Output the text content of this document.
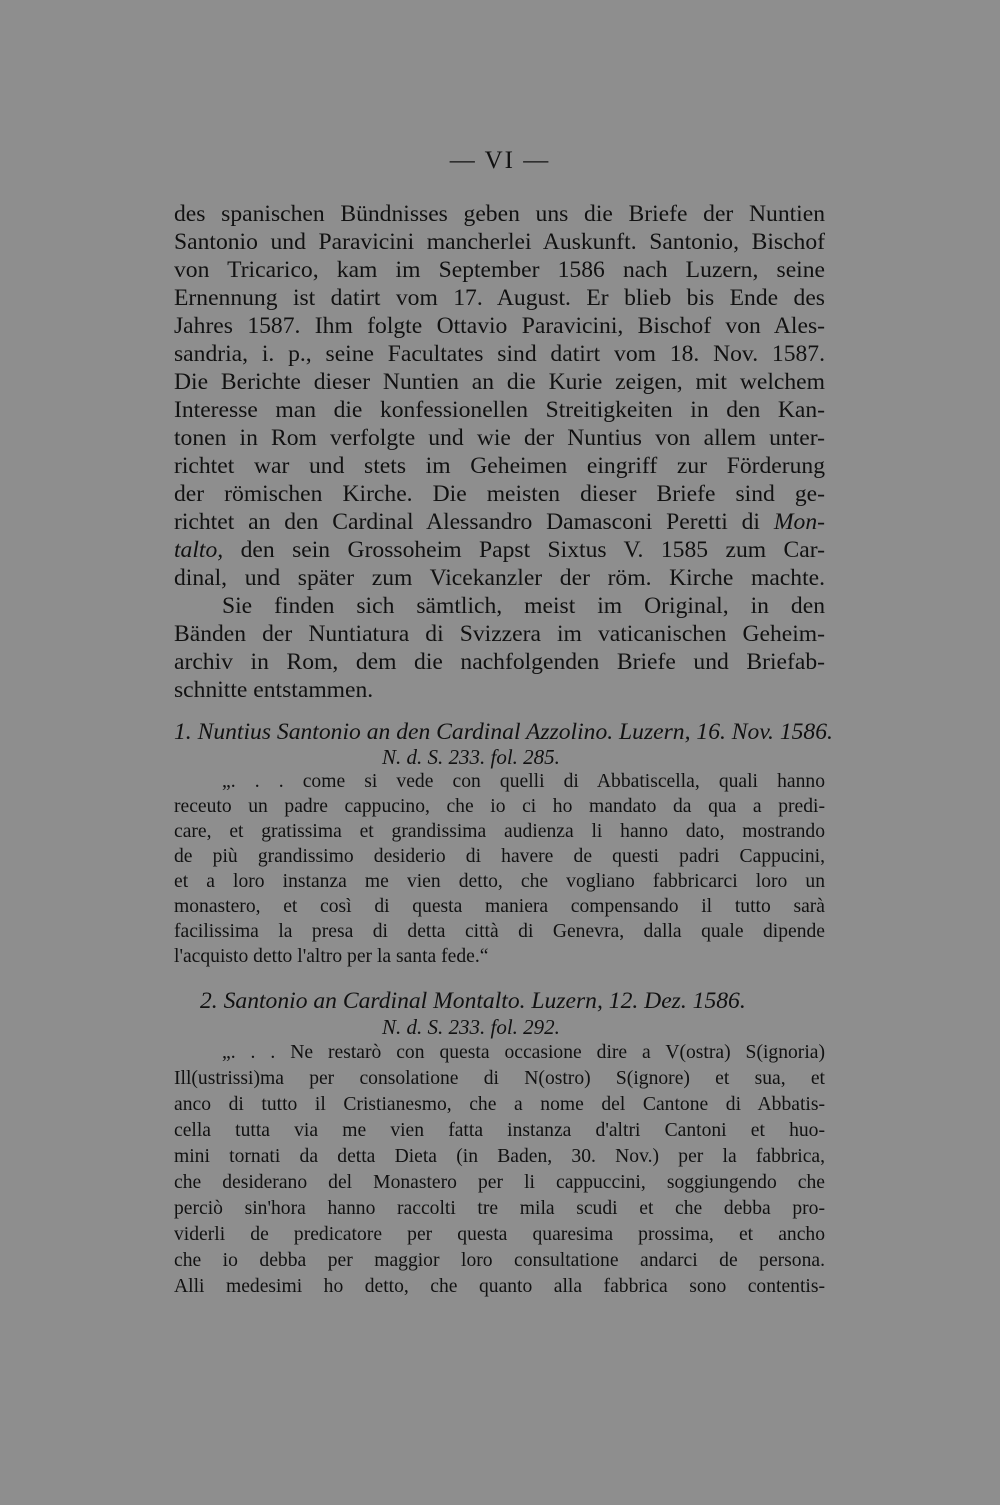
— VI —
des spanischen Bündnisses geben uns die Briefe der Nuntien
Santonio und Paravicini mancherlei Auskunft. Santonio, Bischof
von Tricarico, kam im September 1586 nach Luzern, seine
Ernennung ist datirt vom 17. August. Er blieb bis Ende des
Jahres 1587. Ihm folgte Ottavio Paravicini, Bischof von Ales-
sandria, i. p., seine Facultates sind datirt vom 18. Nov. 1587.
Die Berichte dieser Nuntien an die Kurie zeigen, mit welchem
Interesse man die konfessionellen Streitigkeiten in den Kan-
tonen in Rom verfolgte und wie der Nuntius von allem unter-
richtet war und stets im Geheimen eingriff zur Förderung
der römischen Kirche. Die meisten dieser Briefe sind ge-
richtet an den Cardinal Alessandro Damasconi Peretti di Mon-
talto, den sein Grossoheim Papst Sixtus V. 1585 zum Car-
dinal, und später zum Vicekanzler der röm. Kirche machte.
Sie finden sich sämtlich, meist im Original, in den
Bänden der Nuntiatura di Svizzera im vaticanischen Geheim-
archiv in Rom, dem die nachfolgenden Briefe und Briefab-
schnitte entstammen.
1. Nuntius Santonio an den Cardinal Azzolino. Luzern, 16. Nov. 1586.
N. d. S. 233. fol. 285.
„. . . come si vede con quelli di Abbatiscella, quali hanno
receuto un padre cappucino, che io ci ho mandato da qua a predi-
care, et gratissima et grandissima audienza li hanno dato, mostrando
de più grandissimo desiderio di havere de questi padri Cappucini,
et a loro instanza me vien detto, che vogliano fabbricarci loro un
monastero, et così di questa maniera compensando il tutto sarà
facilissima la presa di detta città di Genevra, dalla quale dipende
l'acquisto detto l'altro per la santa fede.“
2. Santonio an Cardinal Montalto. Luzern, 12. Dez. 1586.
N. d. S. 233. fol. 292.
„. . . Ne restarò con questa occasione dire a V(ostra) S(ignoria)
Ill(ustrissi)ma per consolatione di N(ostro) S(ignore) et sua, et
anco di tutto il Cristianesmo, che a nome del Cantone di Abbatis-
cella tutta via me vien fatta instanza d'altri Cantoni et huo-
mini tornati da detta Dieta (in Baden, 30. Nov.) per la fabbrica,
che desiderano del Monastero per li cappuccini, soggiungendo che
perciò sin'hora hanno raccolti tre mila scudi et che debba pro-
viderli de predicatore per questa quaresima prossima, et ancho
che io debba per maggior loro consultatione andarci de persona.
Alli medesimi ho detto, che quanto alla fabbrica sono contentis-
